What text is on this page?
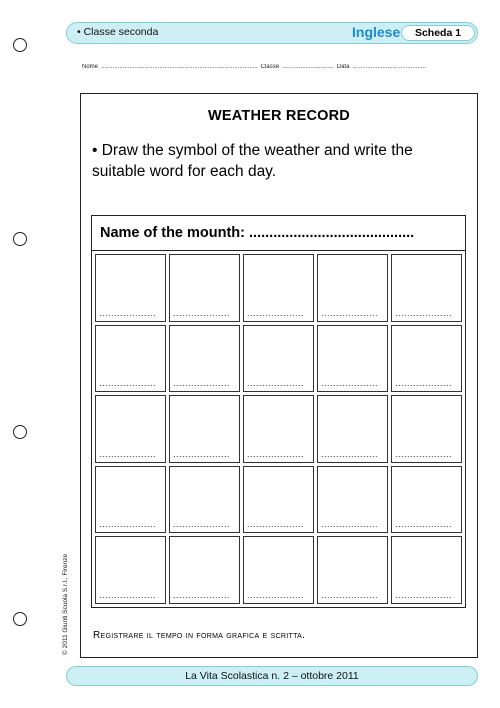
• Classe seconda	Inglese	Scheda 1
Nome .............................................................................................. Classe ............................... Data ............................................
WEATHER RECORD
• Draw the symbol of the weather and write the suitable word for each day.
Name of the mounth: .........................................
...................	...................	...................	...................	...................
...................	...................	...................	...................	...................
...................	...................	...................	...................	...................
...................	...................	...................	...................	...................
...................	...................	...................	...................	...................
Registrare il tempo in forma grafica e scritta.
© 2011 Giunti Scuola S.r.l., Firenze
La Vita Scolastica n. 2 – ottobre 2011
